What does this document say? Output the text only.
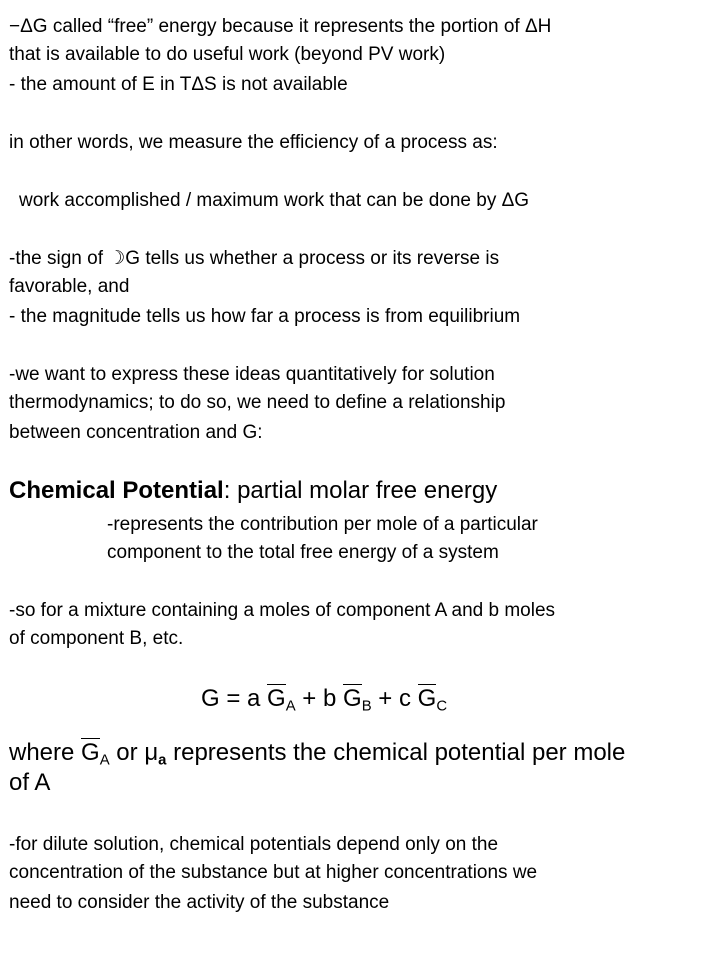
−ΔG called “free” energy because it represents the portion of ΔH
that is available to do useful work (beyond PV work)
- the amount of E in TΔS is not available
in other words, we measure the efficiency of a process as:
work accomplished / maximum work that can be done by ΔG
-the sign of ☽G tells us whether a process or its reverse is
favorable, and
- the magnitude tells us how far a process is from equilibrium
-we want to express these ideas quantitatively for solution
thermodynamics; to do so, we need to define a relationship
between concentration and G:
Chemical Potential: partial molar free energy
-represents the contribution per mole of a particular
component to the total free energy of a system
-so for a mixture containing a moles of component A and b moles
of component B, etc.
G = a $G_A + b$ $G_B + c$ $G_C$
where $G_A$ or $\mu_a$ represents the chemical potential per mole
of A
-for dilute solution, chemical potentials depend only on the
concentration of the substance but at higher concentrations we
need to consider the activity of the substance
